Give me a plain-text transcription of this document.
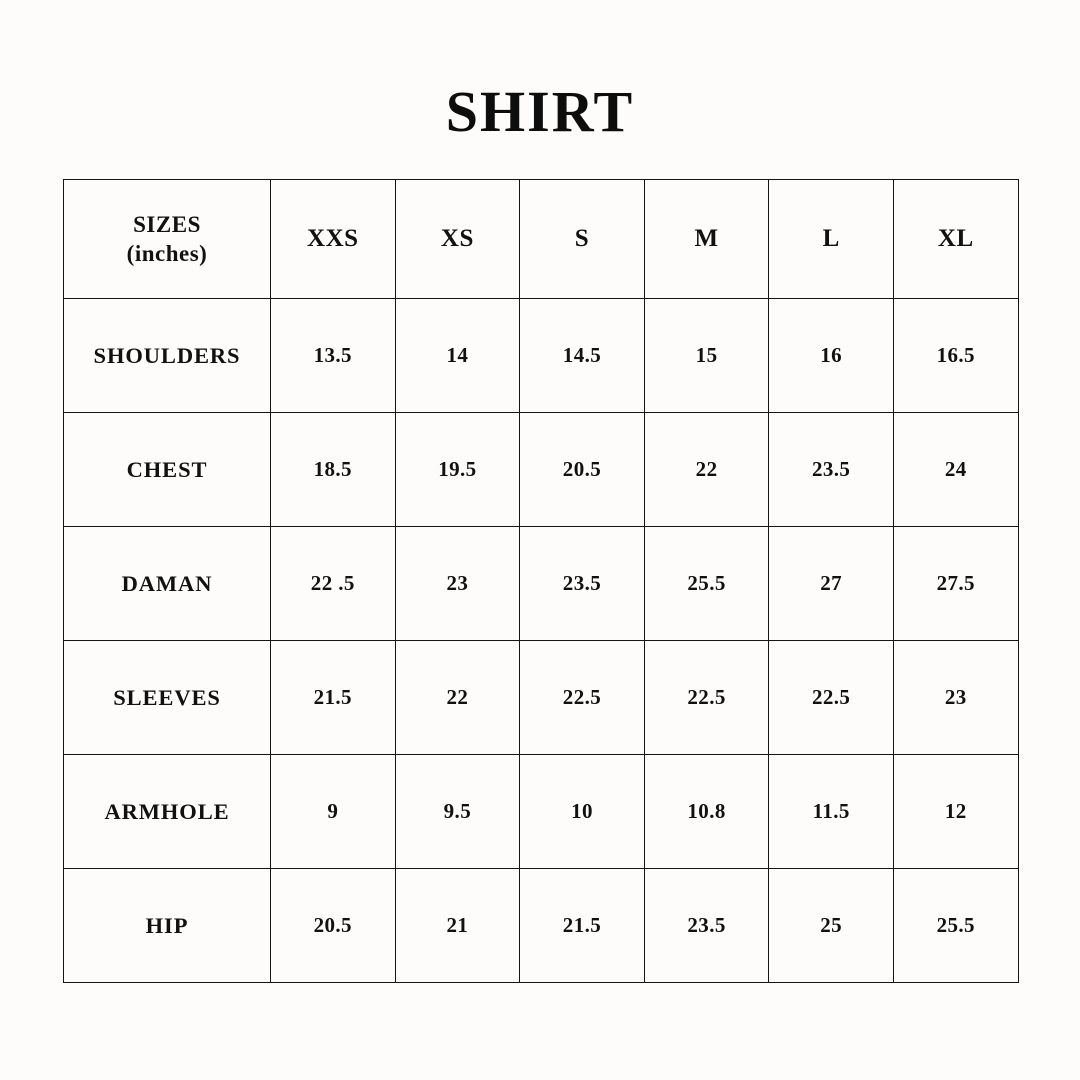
SHIRT
SIZES
(inches)	XXS	XS	S	M	L	XL
SHOULDERS	13.5	14	14.5	15	16	16.5
CHEST	18.5	19.5	20.5	22	23.5	24
DAMAN	22 .5	23	23.5	25.5	27	27.5
SLEEVES	21.5	22	22.5	22.5	22.5	23
ARMHOLE	9	9.5	10	10.8	11.5	12
HIP	20.5	21	21.5	23.5	25	25.5
